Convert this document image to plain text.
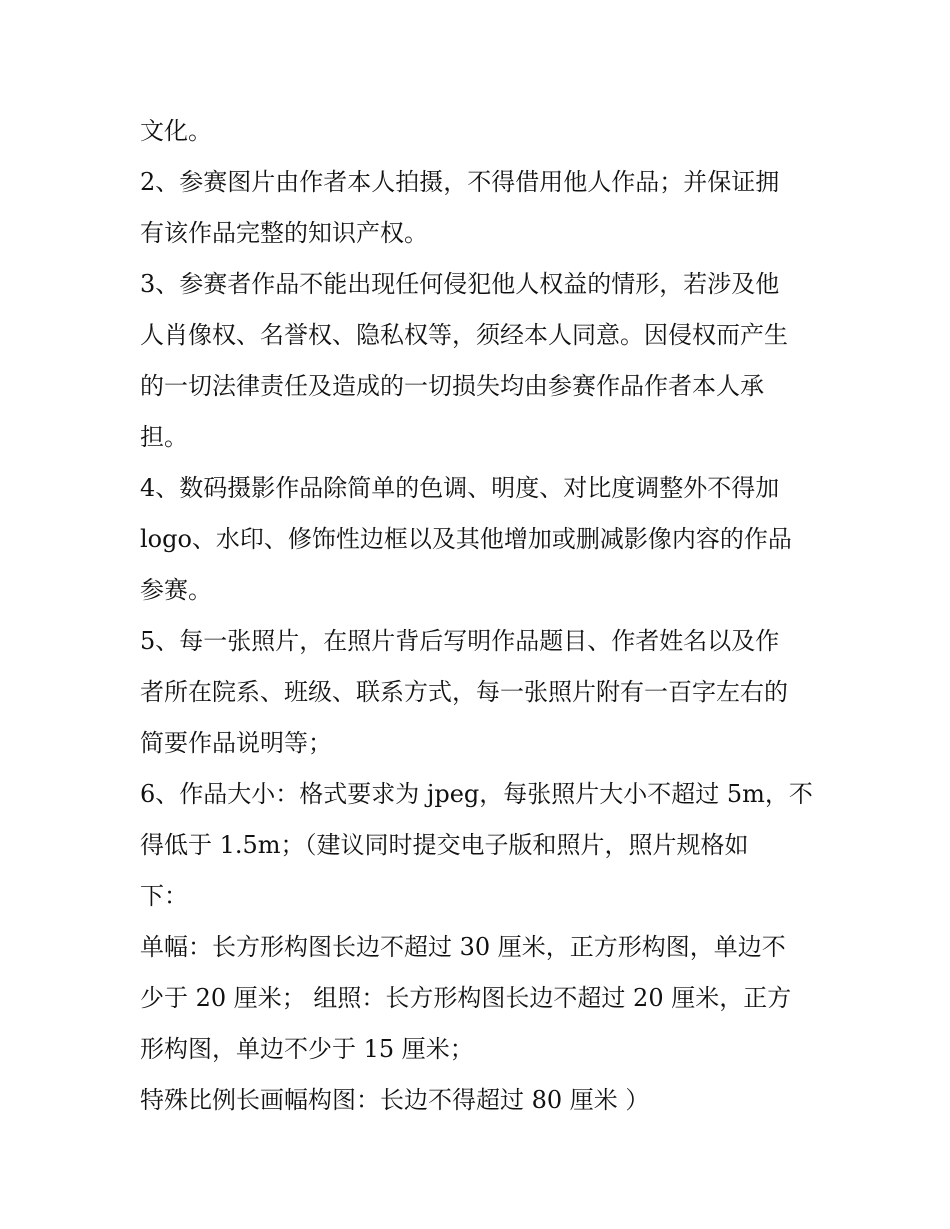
文化。
2、参赛图片由作者本人拍摄，不得借用他人作品；并保证拥
有该作品完整的知识产权。
3、参赛者作品不能出现任何侵犯他人权益的情形，若涉及他
人肖像权、名誉权、隐私权等，须经本人同意。因侵权而产生
的一切法律责任及造成的一切损失均由参赛作品作者本人承
担。
4、数码摄影作品除简单的色调、明度、对比度调整外不得加
logo、水印、修饰性边框以及其他增加或删减影像内容的作品
参赛。
5、每一张照片，在照片背后写明作品题目、作者姓名以及作
者所在院系、班级、联系方式，每一张照片附有一百字左右的
简要作品说明等；
6、作品大小：格式要求为 jpeg，每张照片大小不超过 5m，不
得低于 1.5m；（建议同时提交电子版和照片，照片规格如
下：
单幅：长方形构图长边不超过 30 厘米，正方形构图，单边不
少于 20 厘米； 组照：长方形构图长边不超过 20 厘米，正方
形构图，单边不少于 15 厘米；
特殊比例长画幅构图：长边不得超过 80 厘米 ）
